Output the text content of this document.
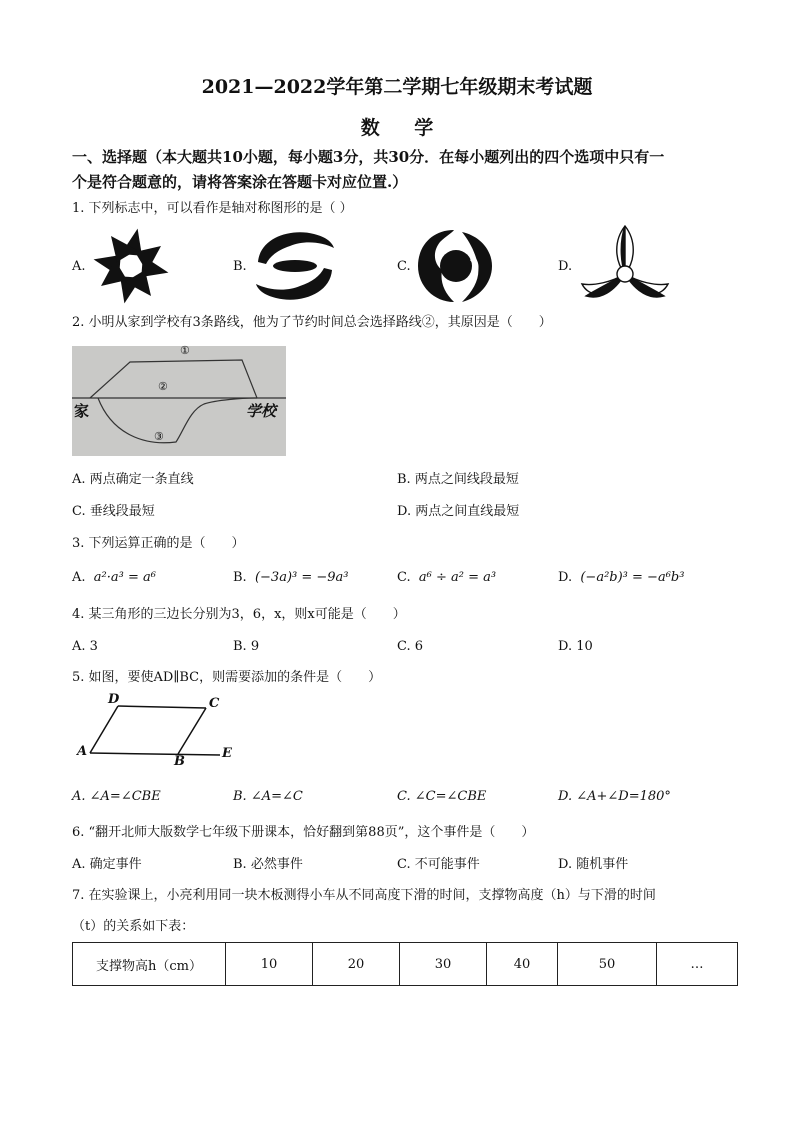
2021—2022学年第二学期七年级期末考试题
数 学
一、选择题（本大题共10小题，每小题3分，共30分．在每小题列出的四个选项中只有一
个是符合题意的，请将答案涂在答题卡对应位置.）
1. 下列标志中，可以看作是轴对称图形的是（ ）
A.	B.	C.	D.
2. 小明从家到学校有3条路线，他为了节约时间总会选择路线②，其原因是（　　）
①
②
③
家	学校
A. 两点确定一条直线	B. 两点之间线段最短
C. 垂线段最短	D. 两点之间直线最短
3. 下列运算正确的是（　　）
A. a²·a³ = a⁶	B. (−3a)³ = −9a³	C. a⁶ ÷ a² = a³	D. (−a²b)³ = −a⁶b³
4. 某三角形的三边长分别为3，6，x，则x可能是（　　）
A. 3	B. 9	C. 6	D. 10
5. 如图，要使AD∥BC，则需要添加的条件是（　　）
D	C
A
B
E
A. ∠A=∠CBE	B. ∠A=∠C	C. ∠C=∠CBE	D. ∠A+∠D=180°
6. “翻开北师大版数学七年级下册课本，恰好翻到第88页”，这个事件是（　　）
A. 确定事件	B. 必然事件	C. 不可能事件	D. 随机事件
7. 在实验课上，小亮利用同一块木板测得小车从不同高度下滑的时间，支撑物高度（h）与下滑的时间
（t）的关系如下表：
支撑物高h（cm）	10	20	30	40	50	…
